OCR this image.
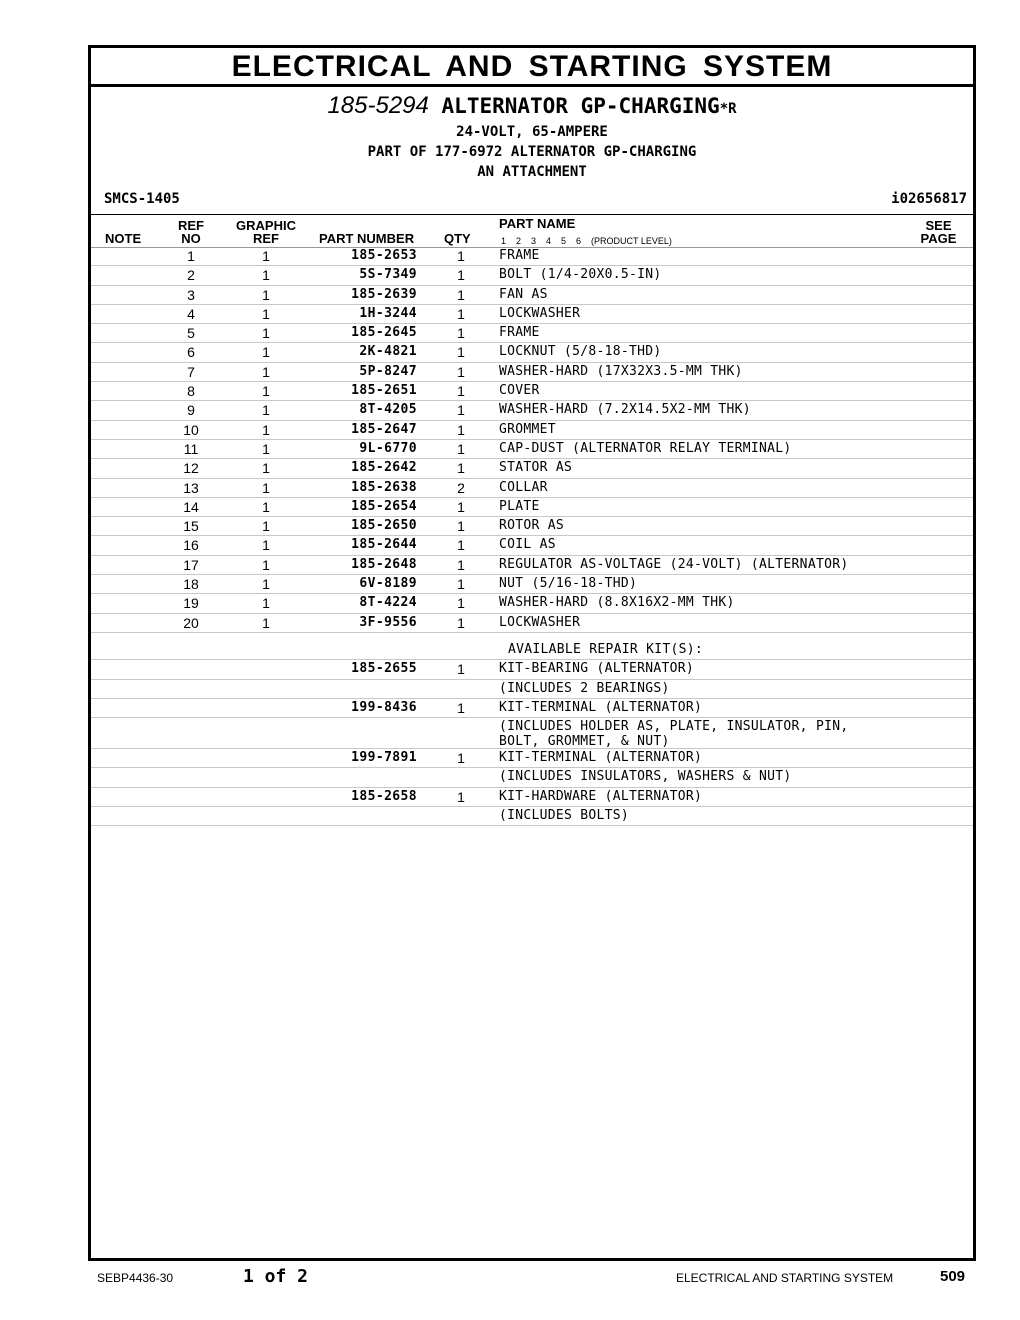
ELECTRICAL AND STARTING SYSTEM
185-5294 ALTERNATOR GP-CHARGING*R
24-VOLT, 65-AMPERE
PART OF 177-6972 ALTERNATOR GP-CHARGING
AN ATTACHMENT
SMCS-1405	i02656817
NOTE
REF
NO
GRAPHIC
REF	PART NUMBER QTY
PART NAME
1    2    3    4    5    6    (PRODUCT LEVEL)
SEE
PAGE
1	1	185-2653	1	FRAME
2	1	5S-7349	1	BOLT (1/4-20X0.5-IN)
3	1	185-2639	1	FAN AS
4	1	1H-3244	1	LOCKWASHER
5	1	185-2645	1	FRAME
6	1	2K-4821	1	LOCKNUT (5/8-18-THD)
7	1	5P-8247	1	WASHER-HARD (17X32X3.5-MM THK)
8	1	185-2651	1	COVER
9	1	8T-4205	1	WASHER-HARD (7.2X14.5X2-MM THK)
10	1	185-2647	1	GROMMET
11	1	9L-6770	1	CAP-DUST (ALTERNATOR RELAY TERMINAL)
12	1	185-2642	1	STATOR AS
13	1	185-2638	2	COLLAR
14	1	185-2654	1	PLATE
15	1	185-2650	1	ROTOR AS
16	1	185-2644	1	COIL AS
17	1	185-2648	1	REGULATOR AS-VOLTAGE (24-VOLT) (ALTERNATOR)
18	1	6V-8189	1	NUT (5/16-18-THD)
19	1	8T-4224	1	WASHER-HARD (8.8X16X2-MM THK)
20	1	3F-9556	1	LOCKWASHER
AVAILABLE REPAIR KIT(S):
185-2655	1	KIT-BEARING (ALTERNATOR)
(INCLUDES 2 BEARINGS)
199-8436	1	KIT-TERMINAL (ALTERNATOR)
(INCLUDES HOLDER AS, PLATE, INSULATOR, PIN,
BOLT, GROMMET, & NUT)
199-7891	1	KIT-TERMINAL (ALTERNATOR)
(INCLUDES INSULATORS, WASHERS & NUT)
185-2658	1	KIT-HARDWARE (ALTERNATOR)
(INCLUDES BOLTS)
SEBP4436-30	1 of 2	ELECTRICAL AND STARTING SYSTEM	509
